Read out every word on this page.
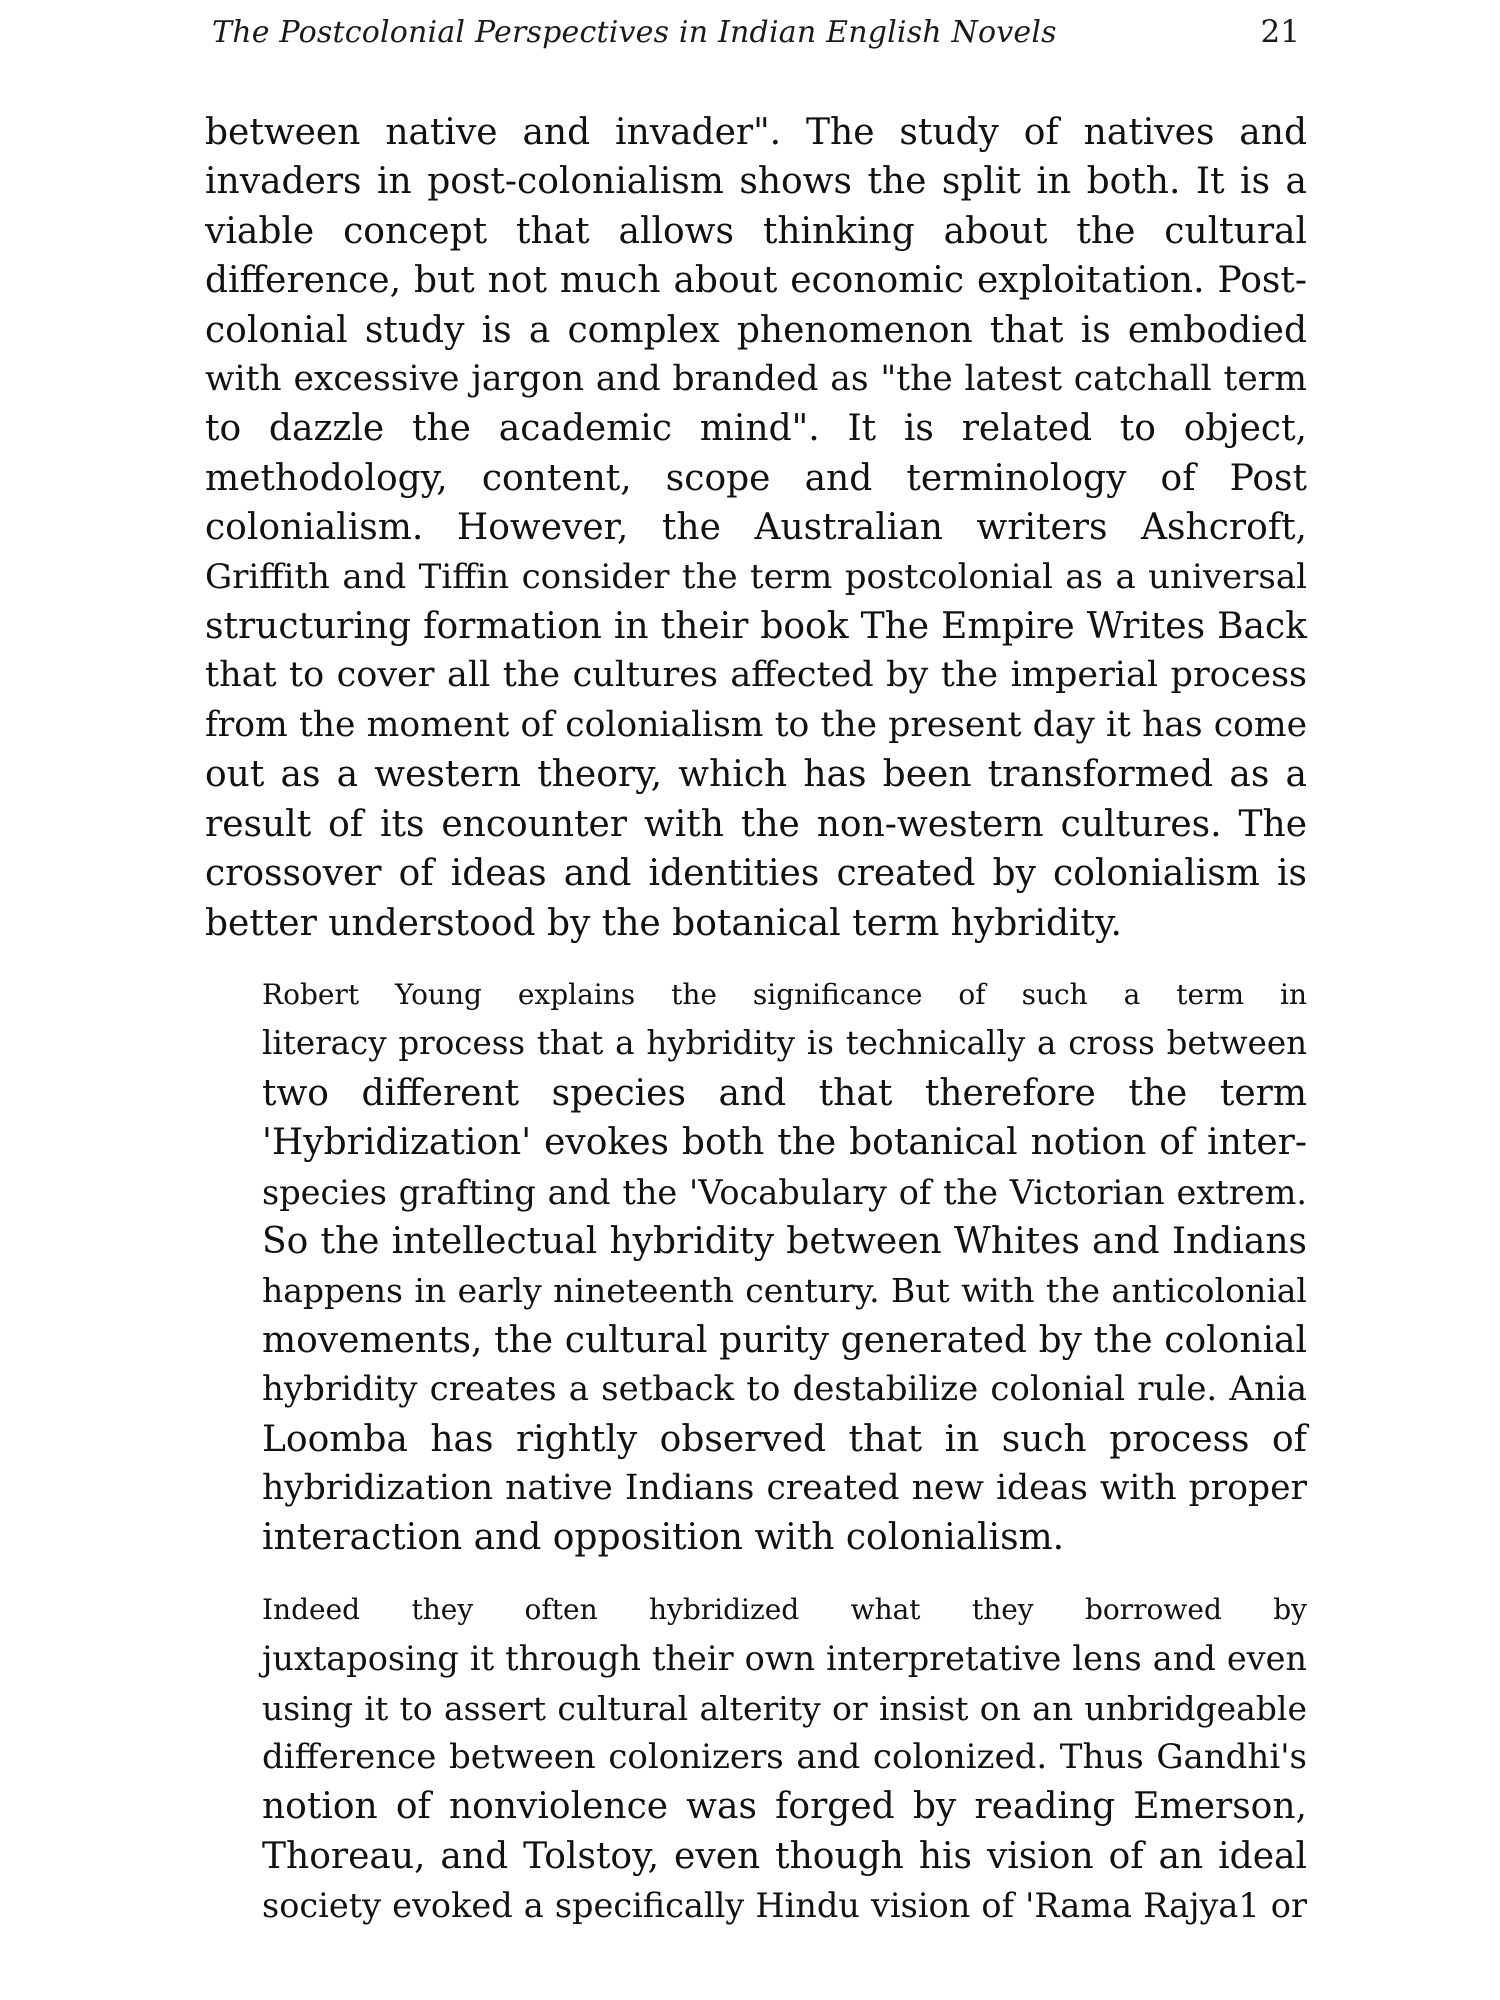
The Postcolonial Perspectives in Indian English Novels	21

between native and invader". The study of natives and
invaders in post-colonialism shows the split in both. It is a
viable concept that allows thinking about the cultural
difference, but not much about economic exploitation. Post-
colonial study is a complex phenomenon that is embodied
with excessive jargon and branded as "the latest catchall term
to dazzle the academic mind". It is related to object,
methodology, content, scope and terminology of Post
colonialism. However, the Australian writers Ashcroft,
Griffith and Tiffin consider the term postcolonial as a universal
structuring formation in their book The Empire Writes Back
that to cover all the cultures affected by the imperial process
from the moment of colonialism to the present day it has come
out as a western theory, which has been transformed as a
result of its encounter with the non-western cultures. The
crossover of ideas and identities created by colonialism is
better understood by the botanical term hybridity.

Robert Young explains the significance of such a term in
literacy process that a hybridity is technically a cross between
two different species and that therefore the term
'Hybridization' evokes both the botanical notion of inter-
species grafting and the 'Vocabulary of the Victorian extrem.
So the intellectual hybridity between Whites and Indians
happens in early nineteenth century. But with the anticolonial
movements, the cultural purity generated by the colonial
hybridity creates a setback to destabilize colonial rule. Ania
Loomba has rightly observed that in such process of
hybridization native Indians created new ideas with proper
interaction and opposition with colonialism.

Indeed they often hybridized what they borrowed by
juxtaposing it through their own interpretative lens and even
using it to assert cultural alterity or insist on an unbridgeable
difference between colonizers and colonized. Thus Gandhi's
notion of nonviolence was forged by reading Emerson,
Thoreau, and Tolstoy, even though his vision of an ideal
society evoked a specifically Hindu vision of 'Rama Rajya1 or
